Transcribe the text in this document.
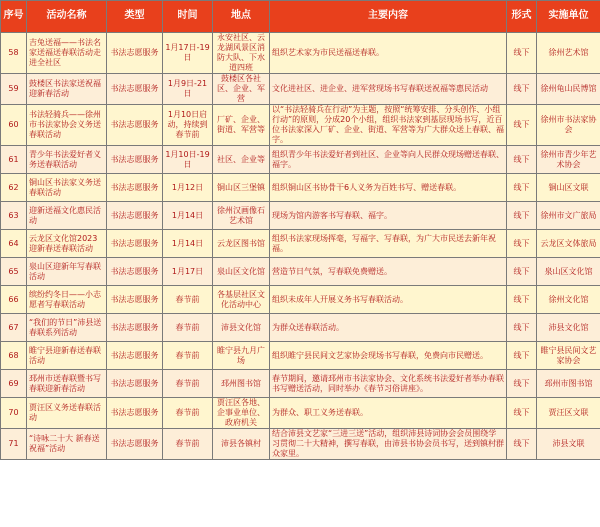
序号	活动名称	类型	时间	地点	主要内容	形式	实施单位
58	吉兔送福——书法名家送福送春联活动走进全社区	书法志愿服务	1月17日-19日	永安社区、云龙湖风景区消防大队、下水道四班	组织艺术家为市民送福送春联。	线下	徐州艺术馆
59	鼓楼区书法家送祝福迎新春活动	书法志愿服务	1月9日-21日	鼓楼区各社区、企业、军营	文化进社区、进企业、进军营现场书写春联送祝福等惠民活动	线下	徐州龟山民博馆
60	书法轻骑兵——徐州市书法家协会义务送春联活动	书法志愿服务	1月10日启动，持续到春节前	厂矿、企业、街道、军营等	以“书法轻骑兵在行动”为主题，按照“统筹安排、分头创作、小组行动”的原则，分成20个小组，组织书法家到基层现场书写，近百位书法家深入厂矿、企业、街道、军营等为广大群众送上春联、福字。	线下	徐州市书法家协会
61	青少年书法爱好者义务送春联活动	书法志愿服务	1月10日-19日	社区、企业等	组织青少年书法爱好者到社区、企业等向人民群众现场赠送春联、福字。	线下	徐州市青少年艺术协会
62	铜山区书法家义务送春联活动	书法志愿服务	1月12日	铜山区三堡镇	组织铜山区书协骨干6人义务为百姓书写、赠送春联。	线下	铜山区文联
63	迎新送福文化惠民活动	书法志愿服务	1月14日	徐州汉画像石艺术馆	现场为馆内游客书写春联、福字。	线下	徐州市文广旅局
64	云龙区文化馆2023迎新春送春联活动	书法志愿服务	1月14日	云龙区图书馆	组织书法家现场挥毫，写福字、写春联，为广大市民送去新年祝福。	线下	云龙区文体旅局
65	泉山区迎新年写春联活动	书法志愿服务	1月17日	泉山区文化馆	营造节日气氛，写春联免费赠送。	线下	泉山区文化馆
66	缤纷约冬日——小志愿者写春联活动	书法志愿服务	春节前	各基层社区文化活动中心	组织未成年人开展义务书写春联活动。	线下	徐州文化馆
67	“我们的节日”沛县送春联系列活动	书法志愿服务	春节前	沛县文化馆	为群众送春联活动。	线下	沛县文化馆
68	睢宁县迎新春送春联活动	书法志愿服务	春节前	睢宁县九月广场	组织睢宁县民间文艺家协会现场书写春联，免费向市民赠送。	线下	睢宁县民间文艺家协会
69	邳州市送春联暨书写春联迎新春活动	书法志愿服务	春节前	邳州图书馆	春节期间，邀请邳州市书法家协会、文化系统书法爱好者举办春联书写赠送活动，同时举办《春节习俗讲座》。	线下	邳州市图书馆
70	贾汪区义务送春联活动	书法志愿服务	春节前	贾汪区各地、企事业单位、政府机关	为群众、职工义务送春联。	线下	贾汪区文联
71	“诗咏二十大 新春送祝福”活动	书法志愿服务	春节前	沛县各镇村	结合沛县文艺家“三进三送”活动，组织沛县诗词协会会员围绕学习贯彻二十大精神，撰写春联，由沛县书协会员书写，送到镇村群众家里。	线下	沛县文联
